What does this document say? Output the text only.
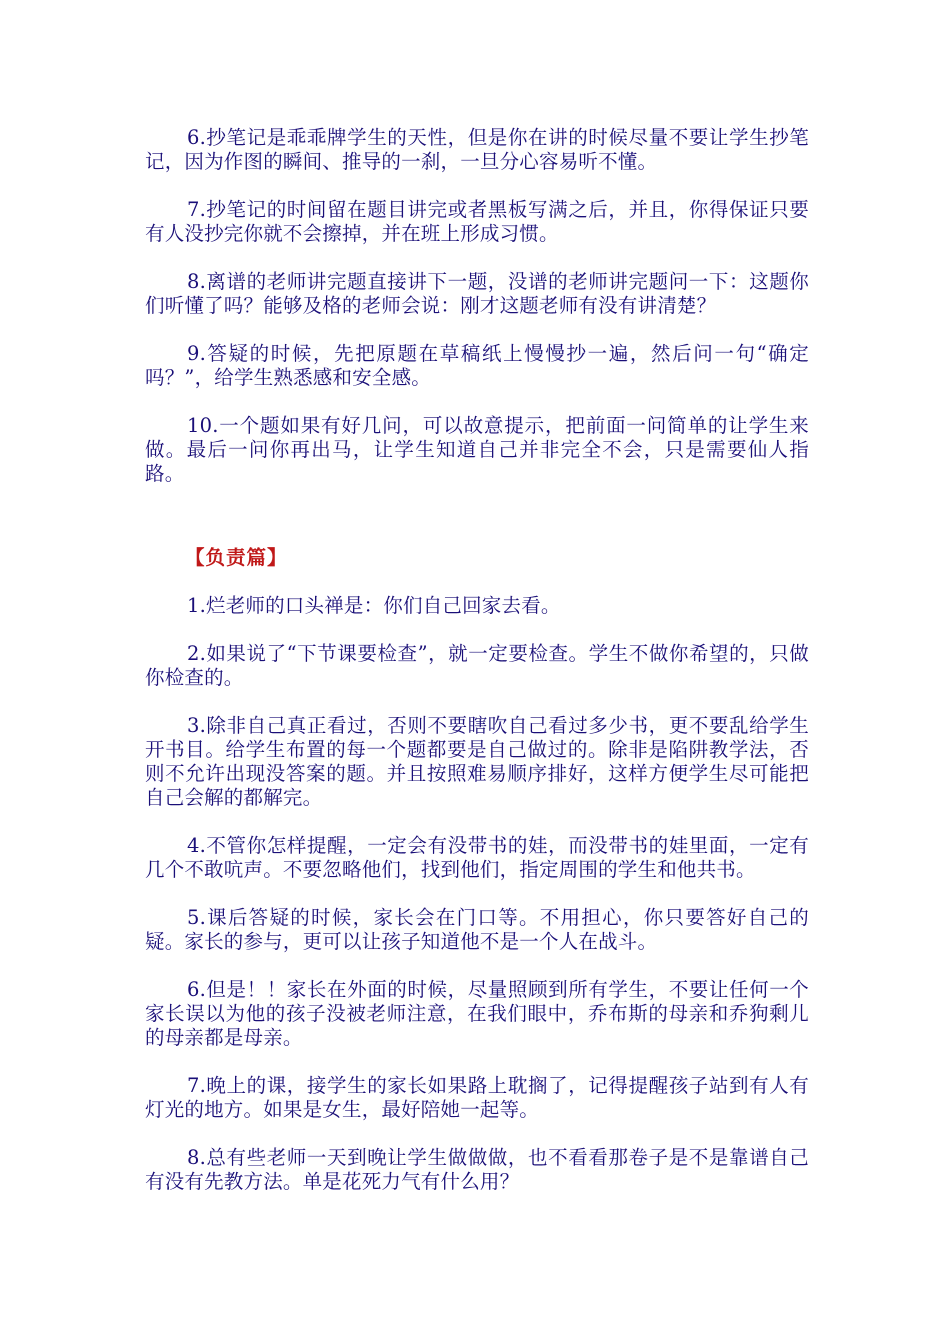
6.抄笔记是乖乖牌学生的天性，但是你在讲的时候尽量不要让学生抄笔记，因为作图的瞬间、推导的一刹，一旦分心容易听不懂。

7.抄笔记的时间留在题目讲完或者黑板写满之后，并且，你得保证只要有人没抄完你就不会擦掉，并在班上形成习惯。

8.离谱的老师讲完题直接讲下一题，没谱的老师讲完题问一下：这题你们听懂了吗？能够及格的老师会说：刚才这题老师有没有讲清楚？

9.答疑的时候，先把原题在草稿纸上慢慢抄一遍，然后问一句“确定吗？”，给学生熟悉感和安全感。

10.一个题如果有好几问，可以故意提示，把前面一问简单的让学生来做。最后一问你再出马，让学生知道自己并非完全不会，只是需要仙人指路。

【负责篇】

1.烂老师的口头禅是：你们自己回家去看。

2.如果说了“下节课要检查”，就一定要检查。学生不做你希望的，只做你检查的。

3.除非自己真正看过，否则不要瞎吹自己看过多少书，更不要乱给学生开书目。给学生布置的每一个题都要是自己做过的。除非是陷阱教学法，否则不允许出现没答案的题。并且按照难易顺序排好，这样方便学生尽可能把自己会解的都解完。

4.不管你怎样提醒，一定会有没带书的娃，而没带书的娃里面，一定有几个不敢吭声。不要忽略他们，找到他们，指定周围的学生和他共书。

5.课后答疑的时候，家长会在门口等。不用担心，你只要答好自己的疑。家长的参与，更可以让孩子知道他不是一个人在战斗。

6.但是！！家长在外面的时候，尽量照顾到所有学生，不要让任何一个家长误以为他的孩子没被老师注意，在我们眼中，乔布斯的母亲和乔狗剩儿的母亲都是母亲。

7.晚上的课，接学生的家长如果路上耽搁了，记得提醒孩子站到有人有灯光的地方。如果是女生，最好陪她一起等。

8.总有些老师一天到晚让学生做做做，也不看看那卷子是不是靠谱自己有没有先教方法。单是花死力气有什么用？
